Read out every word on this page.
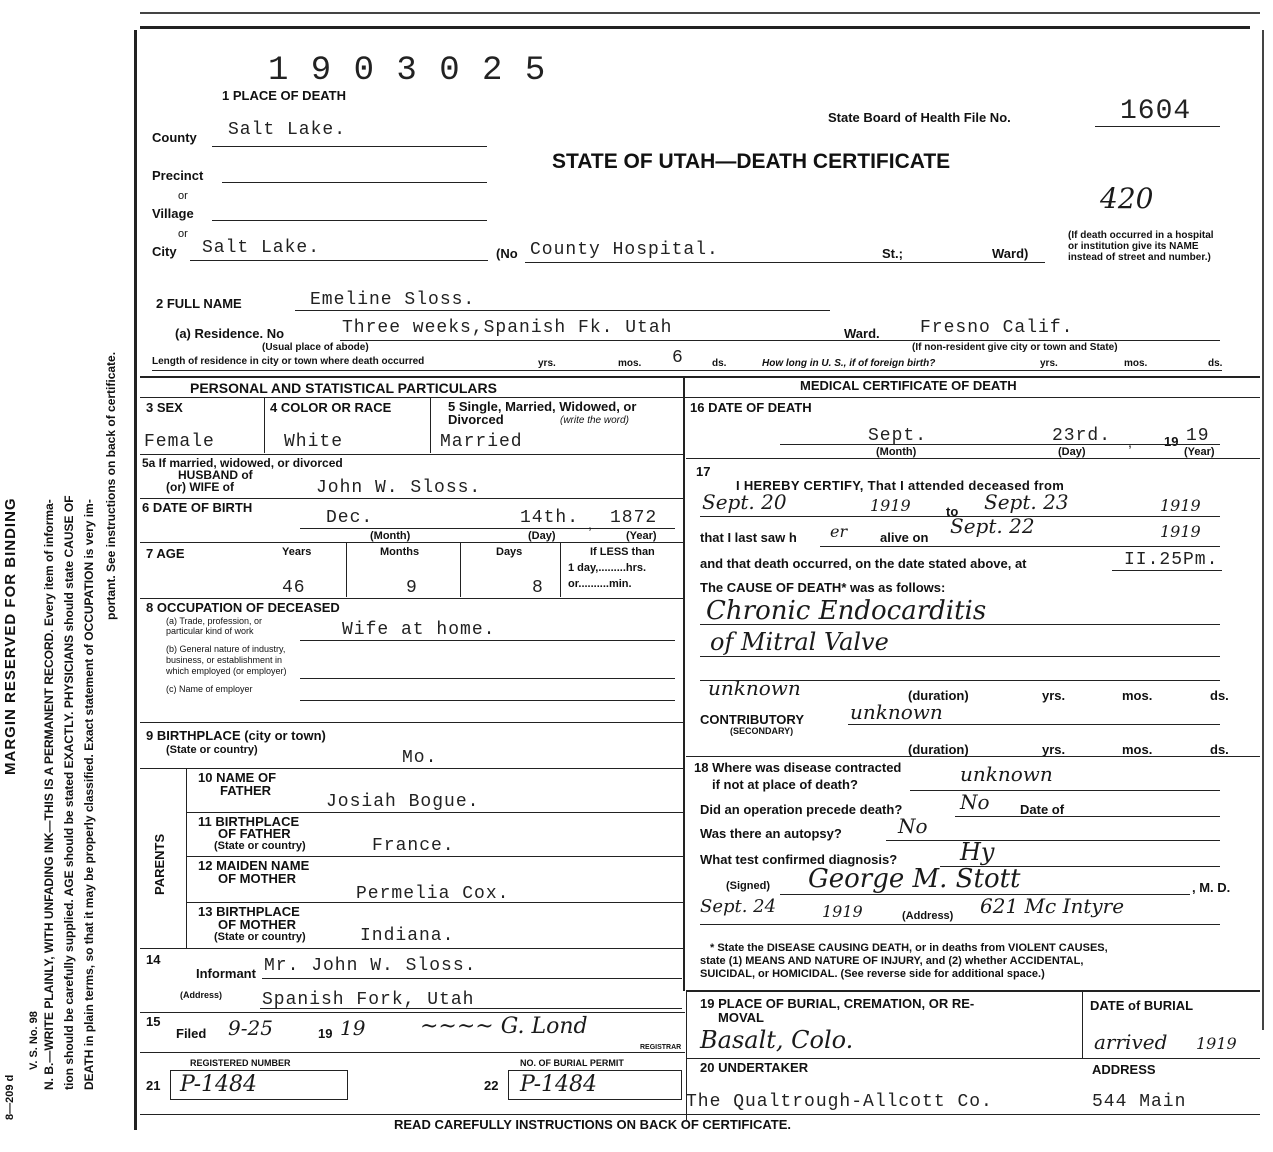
MARGIN RESERVED FOR BINDING N. B.—WRITE PLAINLY, WITH UNFADING INK—THIS IS A PERMANENT RECORD. Every item of informa- tion should be carefully supplied. AGE should be stated EXACTLY. PHYSICIANS should state CAUSE OF DEATH in plain terms, so that it may be properly classified. Exact statement of OCCUPATION is very im-
portant. See instructions on back of certificate.
V. S. No. 98
8—209 d
1 9 0 3 0 2 5
1 PLACE OF DEATH
State Board of Health File No.	1604
STATE OF UTAH—DEATH CERTIFICATE
420
County Salt Lake.
Precinct
or
Village
or
City Salt Lake.	(No County Hospital.	St.;	Ward)
(If death occurred in a hospital or institution give its NAME instead of street and number.)
2 FULL NAME	Emeline Sloss.
(a) Residence. No	Three weeks,Spanish Fk. Utah	Ward. Fresno Calif.
(Usual place of abode)	(If non-resident give city or town and State)
Length of residence in city or town where death occurred	yrs.	mos. 6	ds.	How long in U. S., if of foreign birth?	yrs.	mos.	ds.
PERSONAL AND STATISTICAL PARTICULARS	MEDICAL CERTIFICATE OF DEATH
3 SEX	4 COLOR OR RACE	5 Single, Married, Widowed, or Divorced	(write the word)
Female	White	Married
5a If married, widowed, or divorced
HUSBAND of
(or) WIFE of	John W. Sloss.
6 DATE OF BIRTH
Dec.	14th. , 1872
(Month)	(Day)	(Year)
7 AGE	Years	Months	Days	If LESS than
1 day,.........hrs.
or..........min.
46	9	8
8 OCCUPATION OF DECEASED
(a) Trade, profession, or
particular kind of work	Wife at home.
(b) General nature of industry,
business, or establishment in
which employed (or employer)
(c) Name of employer
9 BIRTHPLACE (city or town)
(State or country)	Mo.
PARENTS
10 NAME OF
FATHER
Josiah Bogue.
11 BIRTHPLACE
OF FATHER
(State or country)	France.
12 MAIDEN NAME
OF MOTHER
Permelia Cox.
13 BIRTHPLACE
OF MOTHER
(State or country)	Indiana.
14
Informant Mr. John W. Sloss.
(Address) Spanish Fork, Utah
15
Filed 9-25	19 19 ~~~~ G. Lond
REGISTRAR
REGISTERED NUMBER
21 P-1484
NO. OF BURIAL PERMIT
22 P-1484
16 DATE OF DEATH
Sept.	23rd. , 19 19
(Month)	(Day)	(Year)
17
I HEREBY CERTIFY, That I attended deceased from
Sept. 20	1919	to Sept. 23	1919
that I last saw h er	alive on Sept. 22	1919
and that death occurred, on the date stated above, at	II.25Pm.
The CAUSE OF DEATH* was as follows:
Chronic Endocarditis
of Mitral Valve
unknown	(duration)	yrs.	mos.	ds.
CONTRIBUTORY
(SECONDARY)
unknown
(duration)	yrs.	mos.	ds.
18 Where was disease contracted
if not at place of death?	unknown
Did an operation precede death?	No Date of
Was there an autopsy?	No
What test confirmed diagnosis?	Hy
(Signed) George M. Stott	, M. D.
Sept. 24	1919	(Address) 621 Mc Intyre
* State the DISEASE CAUSING DEATH, or in deaths from VIOLENT CAUSES,
state (1) MEANS AND NATURE OF INJURY, and (2) whether ACCIDENTAL,
SUICIDAL, or HOMICIDAL. (See reverse side for additional space.)
19 PLACE OF BURIAL, CREMATION, OR RE-
MOVAL
DATE of BURIAL
Basalt, Colo.	arrived 1919
20 UNDERTAKER	ADDRESS
The Qualtrough-Allcott Co.	544 Main
READ CAREFULLY INSTRUCTIONS ON BACK OF CERTIFICATE.
